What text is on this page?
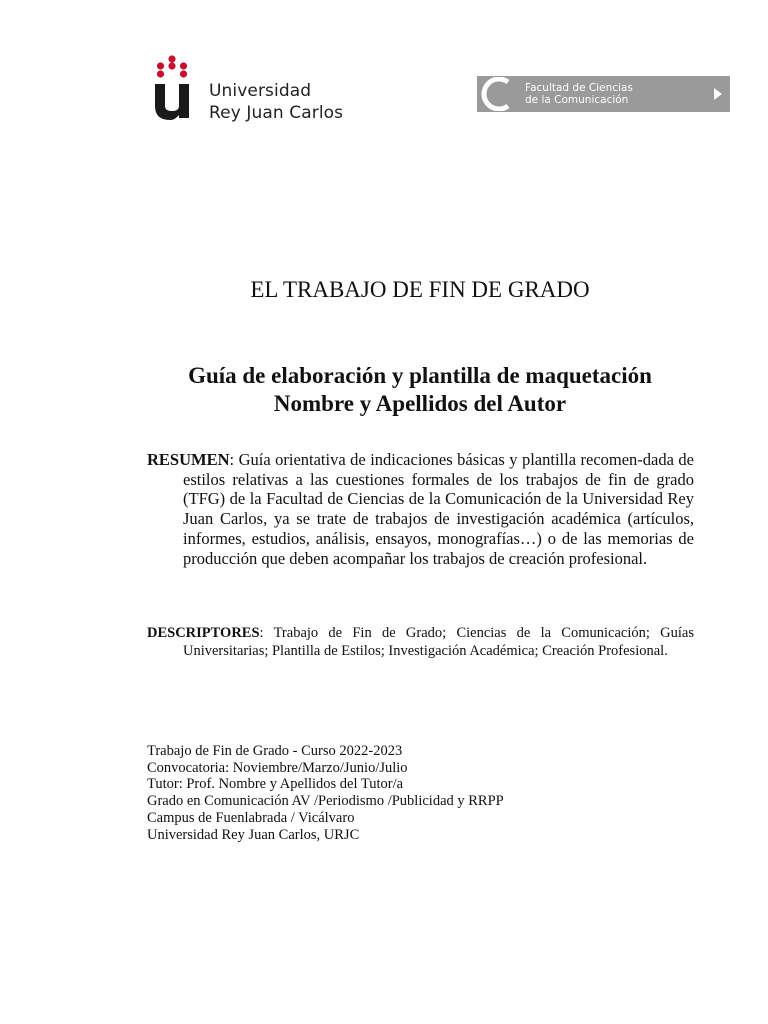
Universidad
Rey Juan Carlos
Facultad de Ciencias
de la Comunicación
EL TRABAJO DE FIN DE GRADO
Guía de elaboración y plantilla de maquetación
Nombre y Apellidos del Autor

RESUMEN: Guía orientativa de indicaciones básicas y plantilla recomen-dada de estilos relativas a las cuestiones formales de los trabajos de fin de grado (TFG) de la Facultad de Ciencias de la Comunicación de la Universidad Rey Juan Carlos, ya se trate de trabajos de investigación académica (artículos, informes, estudios, análisis, ensayos, monografías…) o de las memorias de producción que deben acompañar los trabajos de creación profesional.

DESCRIPTORES: Trabajo de Fin de Grado; Ciencias de la Comunicación; Guías Universitarias; Plantilla de Estilos; Investigación Académica; Creación Profesional.

Trabajo de Fin de Grado - Curso 2022-2023
Convocatoria: Noviembre/Marzo/Junio/Julio
Tutor: Prof. Nombre y Apellidos del Tutor/a
Grado en Comunicación AV /Periodismo /Publicidad y RRPP
Campus de Fuenlabrada / Vicálvaro
Universidad Rey Juan Carlos, URJC
